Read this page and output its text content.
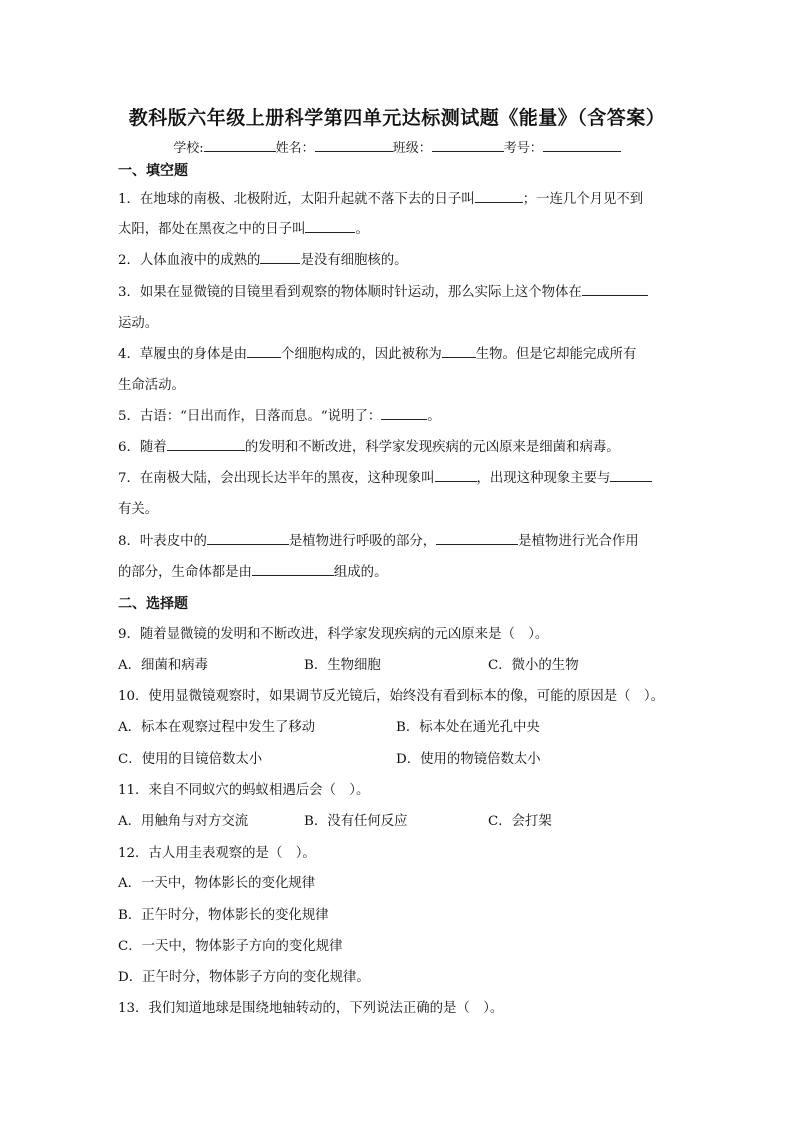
教科版六年级上册科学第四单元达标测试题《能量》（含答案）
学校:	姓名：	班级：	考号：
一、填空题
1．在地球的南极、北极附近，太阳升起就不落下去的日子叫	；一连几个月见不到
太阳，都处在黑夜之中的日子叫	。
2．人体血液中的成熟的	是没有细胞核的。
3．如果在显微镜的目镜里看到观察的物体顺时针运动，那么实际上这个物体在
运动。
4．草履虫的身体是由	个细胞构成的，因此被称为	生物。但是它却能完成所有
生命活动。
5．古语：“日出而作，日落而息。“说明了：	。
6．随着	的发明和不断改进，科学家发现疾病的元凶原来是细菌和病毒。
7．在南极大陆，会出现长达半年的黑夜，这种现象叫	，出现这种现象主要与
有关。
8．叶表皮中的	是植物进行呼吸的部分，	是植物进行光合作用
的部分，生命体都是由	组成的。
二、选择题
9．随着显微镜的发明和不断改进，科学家发现疾病的元凶原来是（　）。
A．细菌和病毒	B．生物细胞	C．微小的生物
10．使用显微镜观察时，如果调节反光镜后，始终没有看到标本的像，可能的原因是（　）。
A．标本在观察过程中发生了移动	B．标本处在通光孔中央
C．使用的目镜倍数太小	D．使用的物镜倍数太小
11．来自不同蚁穴的蚂蚁相遇后会（　）。
A．用触角与对方交流	B．没有任何反应	C．会打架
12．古人用圭表观察的是（　）。
A．一天中，物体影长的变化规律
B．正午时分，物体影长的变化规律
C．一天中，物体影子方向的变化规律
D．正午时分，物体影子方向的变化规律。
13．我们知道地球是围绕地轴转动的，下列说法正确的是（　）。
